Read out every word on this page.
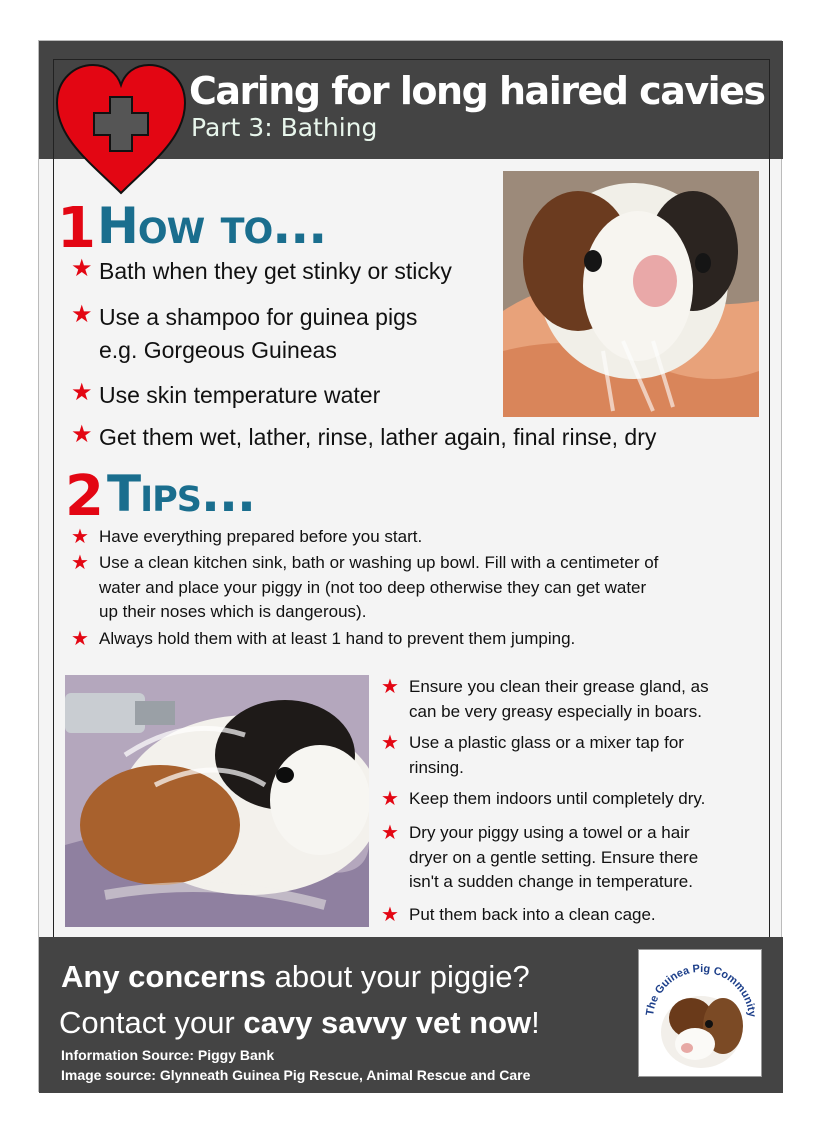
Caring for long haired cavies
Part 3: Bathing
1 How to...
★ Bath when they get stinky or sticky
★ Use a shampoo for guinea pigs
e.g. Gorgeous Guineas
★ Use skin temperature water
★ Get them wet, lather, rinse, lather again, final rinse, dry
2 Tips...
★ Have everything prepared before you start.
★ Use a clean kitchen sink, bath or washing up bowl. Fill with a centimeter of
water and place your piggy in (not too deep otherwise they can get water
up their noses which is dangerous).
★ Always hold them with at least 1 hand to prevent them jumping.
★ Ensure you clean their grease gland, as
can be very greasy especially in boars.
★ Use a plastic glass or a mixer tap for
rinsing.
★ Keep them indoors until completely dry.
★ Dry your piggy using a towel or a hair
dryer on a gentle setting. Ensure there
isn't a sudden change in temperature.
★ Put them back into a clean cage.
Any concerns about your piggie?
Contact your cavy savvy vet now!
Information Source: Piggy Bank
Image source: Glynneath Guinea Pig Rescue, Animal Rescue and Care
The Guinea Pig Community
